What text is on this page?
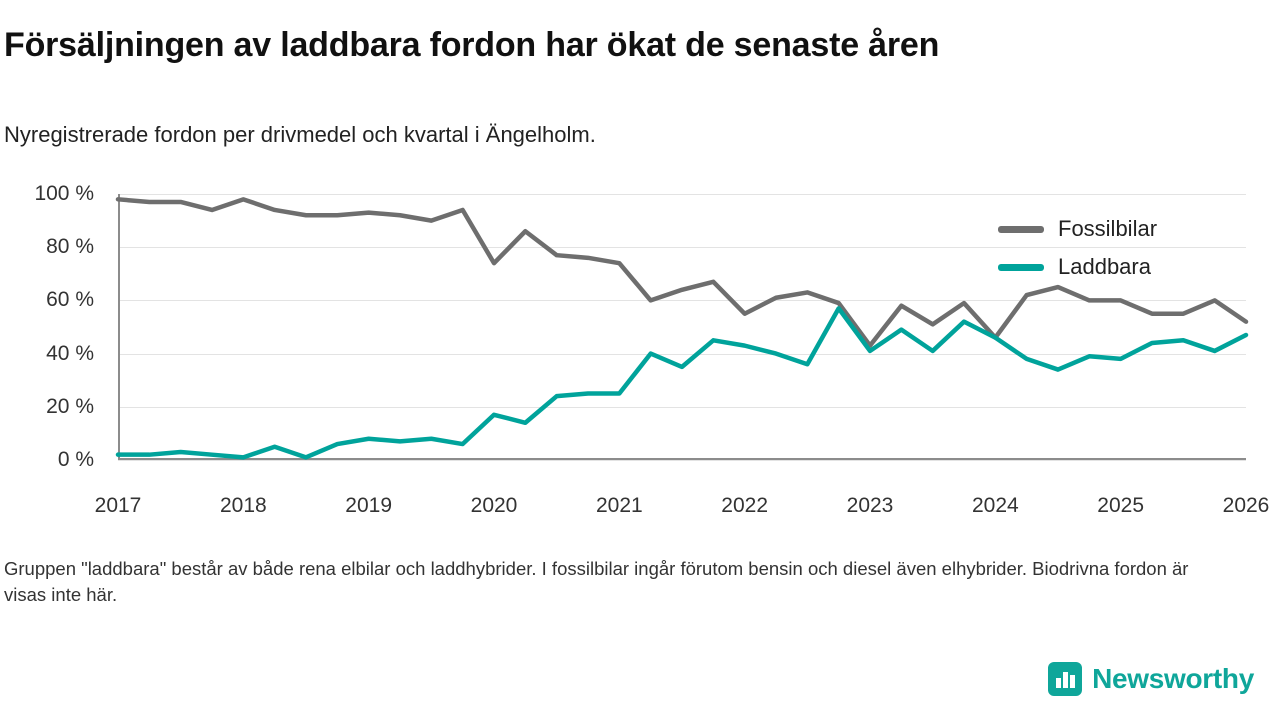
Försäljningen av laddbara fordon har ökat de senaste åren
Nyregistrerade fordon per drivmedel och kvartal i Ängelholm.
0 %
20 %
40 %
60 %
80 %
100 %
2017	2018	2019	2020	2021	2022	2023	2024	2025	2026
Fossilbilar
Laddbara
Gruppen "laddbara" består av både rena elbilar och laddhybrider. I fossilbilar ingår förutom bensin och diesel även elhybrider. Biodrivna fordon är visas inte här.
Newsworthy
